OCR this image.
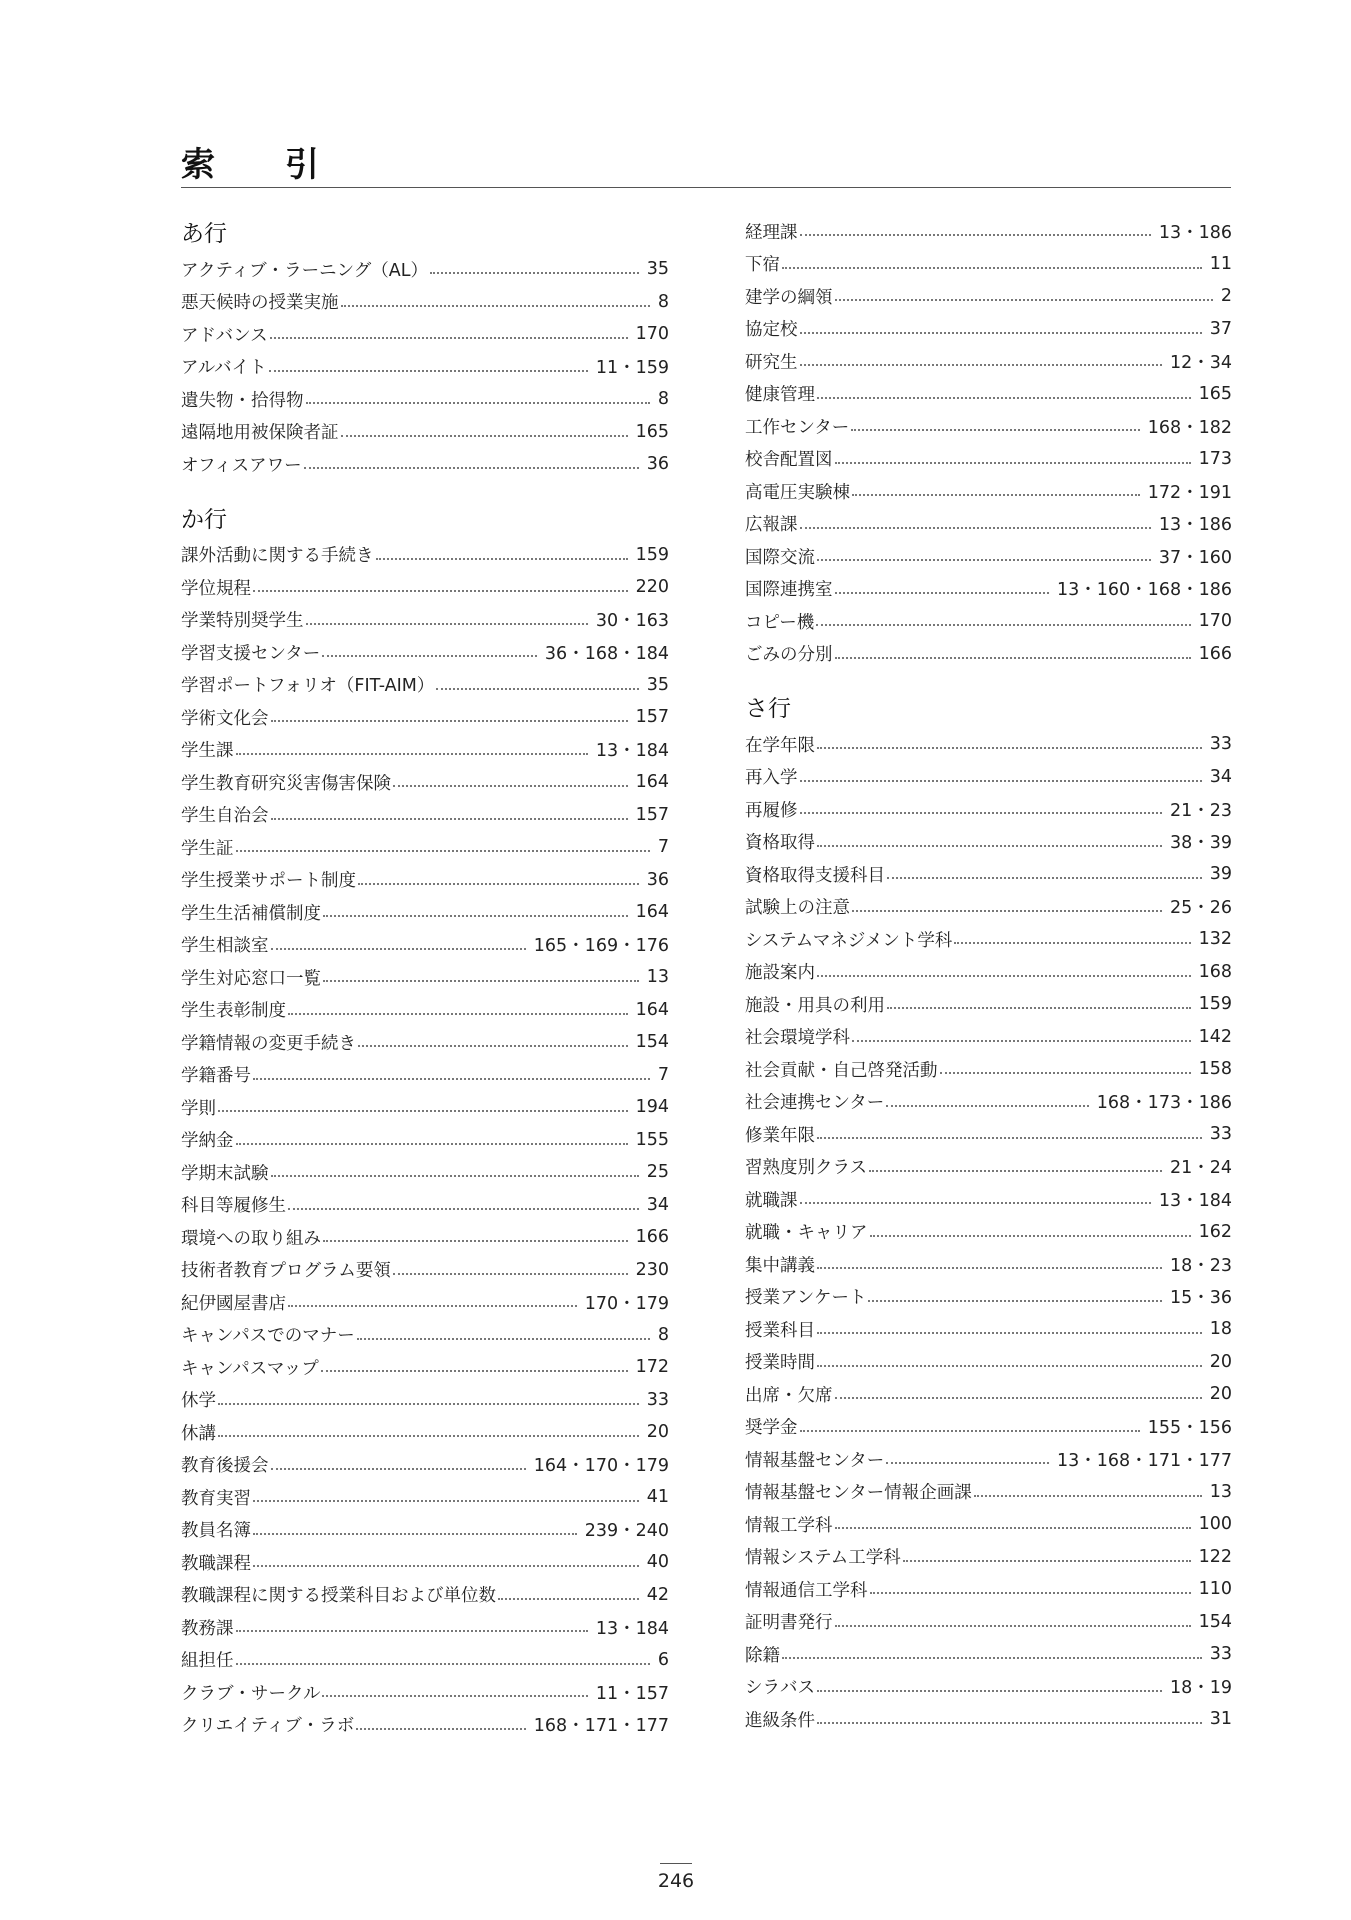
索　引
あ行
アクティブ・ラーニング（AL）	35
悪天候時の授業実施	8
アドバンス	170
アルバイト	11・159
遺失物・拾得物	8
遠隔地用被保険者証	165
オフィスアワー	36
か行
課外活動に関する手続き	159
学位規程	220
学業特別奨学生	30・163
学習支援センター	36・168・184
学習ポートフォリオ（FIT-AIM）	35
学術文化会	157
学生課	13・184
学生教育研究災害傷害保険	164
学生自治会	157
学生証	7
学生授業サポート制度	36
学生生活補償制度	164
学生相談室	165・169・176
学生対応窓口一覧	13
学生表彰制度	164
学籍情報の変更手続き	154
学籍番号	7
学則	194
学納金	155
学期末試験	25
科目等履修生	34
環境への取り組み	166
技術者教育プログラム要領	230
紀伊國屋書店	170・179
キャンパスでのマナー	8
キャンパスマップ	172
休学	33
休講	20
教育後援会	164・170・179
教育実習	41
教員名簿	239・240
教職課程	40
教職課程に関する授業科目および単位数	42
教務課	13・184
組担任	6
クラブ・サークル	11・157
クリエイティブ・ラボ	168・171・177
経理課	13・186
下宿	11
建学の綱領	2
協定校	37
研究生	12・34
健康管理	165
工作センター	168・182
校舎配置図	173
高電圧実験棟	172・191
広報課	13・186
国際交流	37・160
国際連携室	13・160・168・186
コピー機	170
ごみの分別	166
さ行
在学年限	33
再入学	34
再履修	21・23
資格取得	38・39
資格取得支援科目	39
試験上の注意	25・26
システムマネジメント学科	132
施設案内	168
施設・用具の利用	159
社会環境学科	142
社会貢献・自己啓発活動	158
社会連携センター	168・173・186
修業年限	33
習熟度別クラス	21・24
就職課	13・184
就職・キャリア	162
集中講義	18・23
授業アンケート	15・36
授業科目	18
授業時間	20
出席・欠席	20
奨学金	155・156
情報基盤センター	13・168・171・177
情報基盤センター情報企画課	13
情報工学科	100
情報システム工学科	122
情報通信工学科	110
証明書発行	154
除籍	33
シラバス	18・19
進級条件	31
246
